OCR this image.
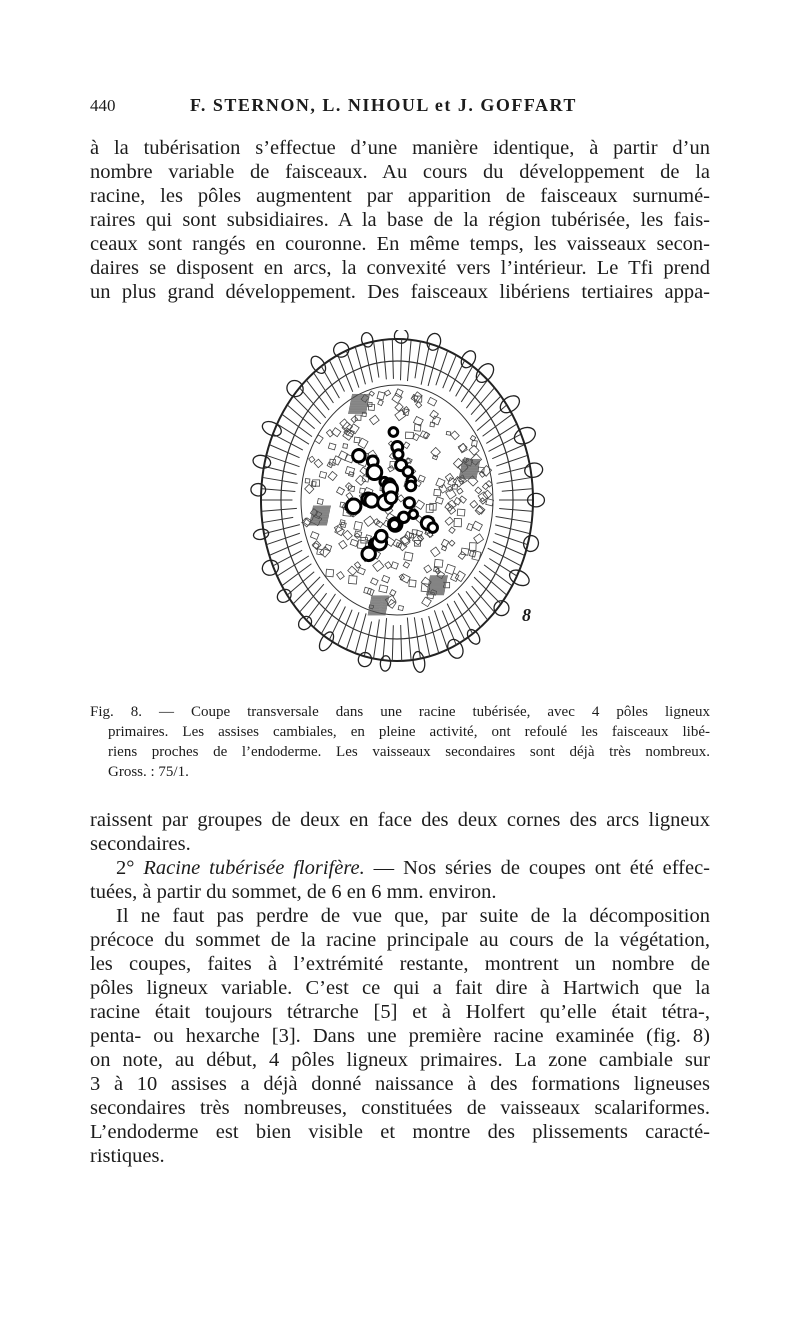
440	F. STERNON, L. NIHOUL et J. GOFFART
à la tubérisation s’effectue d’une manière identique, à partir d’un
nombre variable de faisceaux. Au cours du développement de la
racine, les pôles augmentent par apparition de faisceaux surnumé-
raires qui sont subsidiaires. A la base de la région tubérisée, les fais-
ceaux sont rangés en couronne. En même temps, les vaisseaux secon-
daires se disposent en arcs, la convexité vers l’intérieur. Le Tfi prend
un plus grand développement. Des faisceaux libériens tertiaires appa-
8
Fig. 8. — Coupe transversale dans une racine tubérisée, avec 4 pôles ligneux
primaires. Les assises cambiales, en pleine activité, ont refoulé les faisceaux libé-
riens proches de l’endoderme. Les vaisseaux secondaires sont déjà très nombreux.
Gross. : 75/1.
raissent par groupes de deux en face des deux cornes des arcs ligneux
secondaires.
2° Racine tubérisée florifère. — Nos séries de coupes ont été effec-
tuées, à partir du sommet, de 6 en 6 mm. environ.
Il ne faut pas perdre de vue que, par suite de la décomposition
précoce du sommet de la racine principale au cours de la végétation,
les coupes, faites à l’extrémité restante, montrent un nombre de
pôles ligneux variable. C’est ce qui a fait dire à Hartwich que la
racine était toujours tétrarche [5] et à Holfert qu’elle était tétra-,
penta- ou hexarche [3]. Dans une première racine examinée (fig. 8)
on note, au début, 4 pôles ligneux primaires. La zone cambiale sur
3 à 10 assises a déjà donné naissance à des formations ligneuses
secondaires très nombreuses, constituées de vaisseaux scalariformes.
L’endoderme est bien visible et montre des plissements caracté-
ristiques.
